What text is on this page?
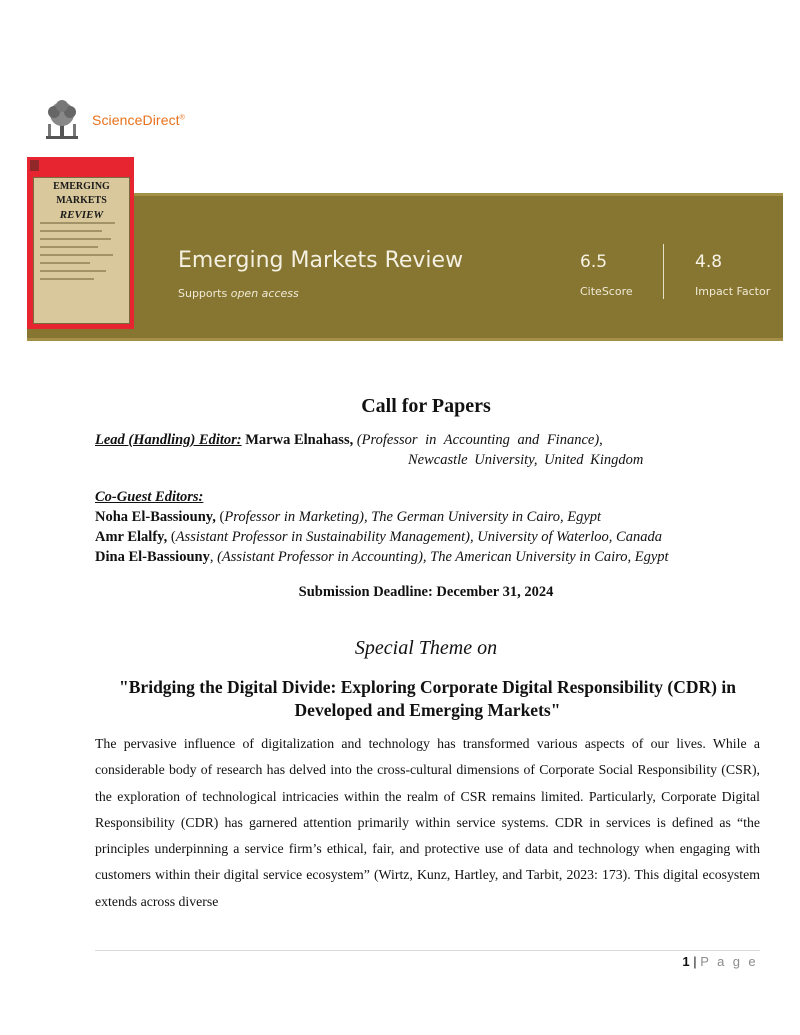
ScienceDirect®
EMERGING
MARKETS
REVIEW
Emerging Markets Review
Supports open access
6.5
CiteScore
4.8
Impact Factor
Call for Papers
Lead (Handling) Editor: Marwa Elnahass, (Professor in Accounting and Finance),
Newcastle University, United Kingdom
Co-Guest Editors:
Noha El-Bassiouny, (Professor in Marketing), The German University in Cairo, Egypt
Amr Elalfy, (Assistant Professor in Sustainability Management), University of Waterloo, Canada
Dina El-Bassiouny, (Assistant Professor in Accounting), The American University in Cairo, Egypt
Submission Deadline: December 31, 2024
Special Theme on
"Bridging the Digital Divide: Exploring Corporate Digital Responsibility (CDR) in Developed and Emerging Markets"
The pervasive influence of digitalization and technology has transformed various aspects of our lives. While a considerable body of research has delved into the cross-cultural dimensions of Corporate Social Responsibility (CSR), the exploration of technological intricacies within the realm of CSR remains limited. Particularly, Corporate Digital Responsibility (CDR) has garnered attention primarily within service systems. CDR in services is defined as “the principles underpinning a service firm’s ethical, fair, and protective use of data and technology when engaging with customers within their digital service ecosystem” (Wirtz, Kunz, Hartley, and Tarbit, 2023: 173). This digital ecosystem extends across diverse
1 | P a g e
